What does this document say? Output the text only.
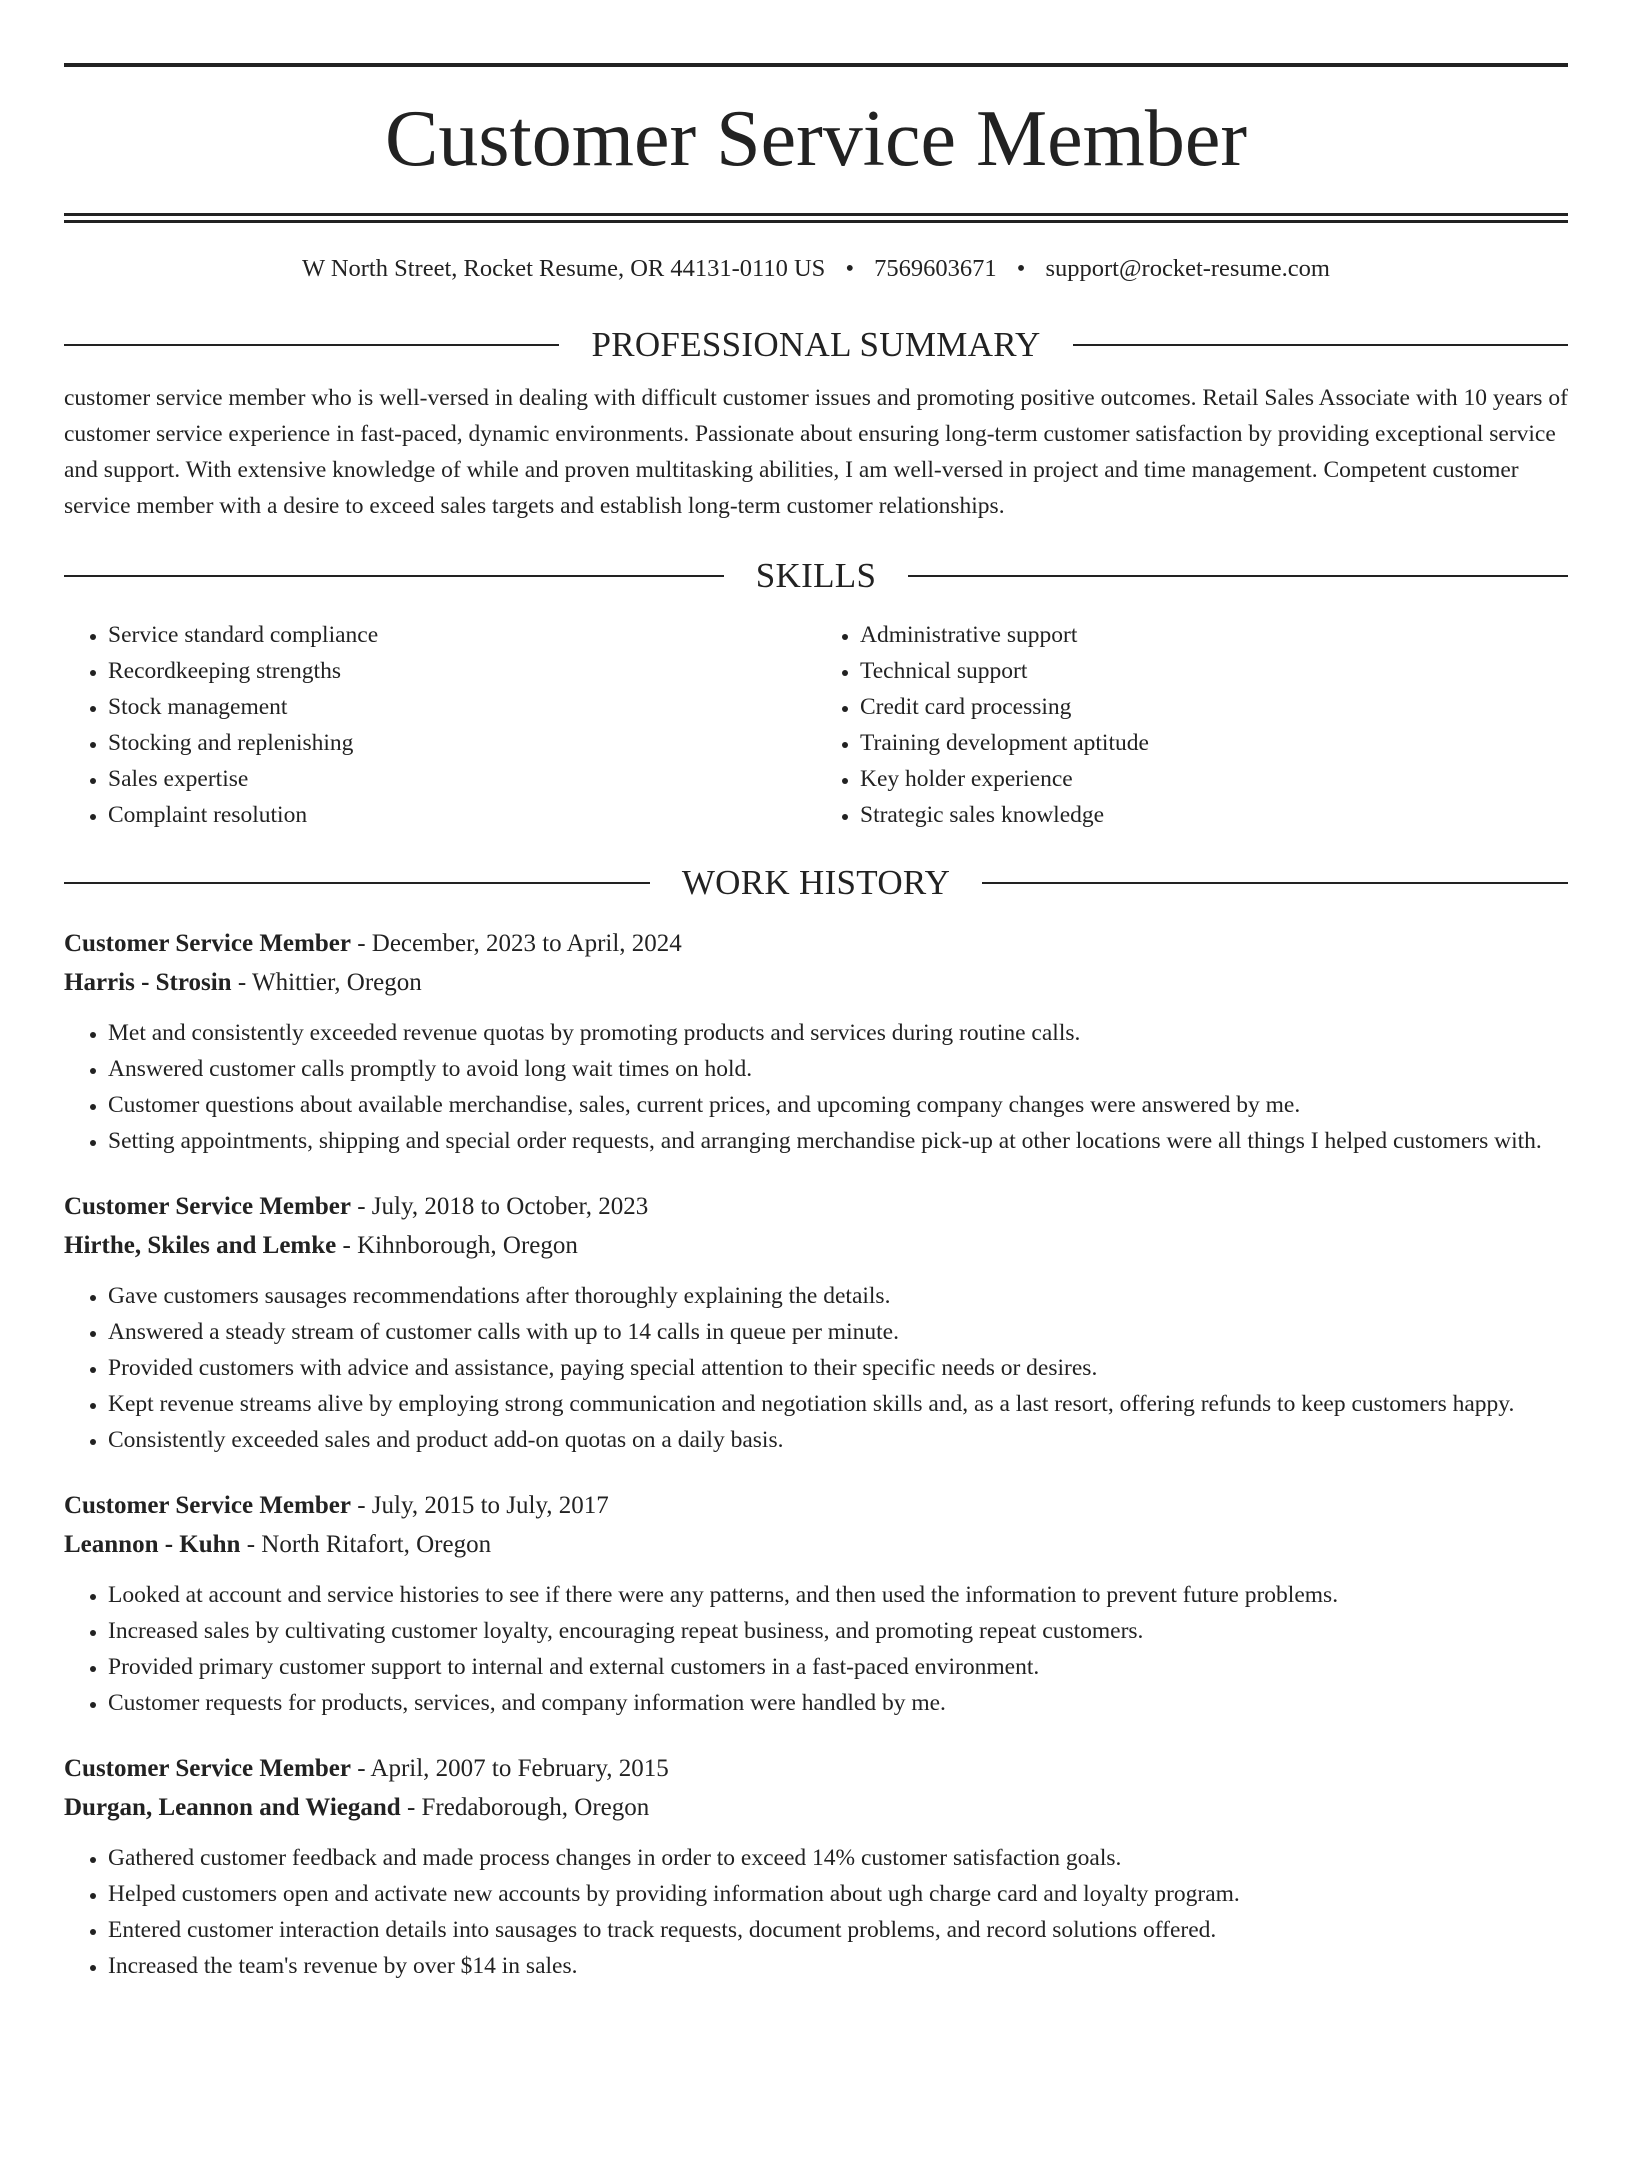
Customer Service Member
W North Street, Rocket Resume, OR 44131-0110 US • 7569603671 • support@rocket-resume.com
PROFESSIONAL SUMMARY

customer service member who is well-versed in dealing with difficult customer issues and promoting positive outcomes. Retail Sales Associate with 10 years of customer service experience in fast-paced, dynamic environments. Passionate about ensuring long-term customer satisfaction by providing exceptional service and support. With extensive knowledge of while and proven multitasking abilities, I am well-versed in project and time management. Competent customer service member with a desire to exceed sales targets and establish long-term customer relationships.

SKILLS
• Service standard compliance
• Recordkeeping strengths
• Stock management
• Stocking and replenishing
• Sales expertise
• Complaint resolution
• Administrative support
• Technical support
• Credit card processing
• Training development aptitude
• Key holder experience
• Strategic sales knowledge
WORK HISTORY
Customer Service Member - December, 2023 to April, 2024
Harris - Strosin - Whittier, Oregon
• Met and consistently exceeded revenue quotas by promoting products and services during routine calls.
• Answered customer calls promptly to avoid long wait times on hold.
• Customer questions about available merchandise, sales, current prices, and upcoming company changes were answered by me.
• Setting appointments, shipping and special order requests, and arranging merchandise pick-up at other locations were all things I helped customers with.
Customer Service Member - July, 2018 to October, 2023
Hirthe, Skiles and Lemke - Kihnborough, Oregon
• Gave customers sausages recommendations after thoroughly explaining the details.
• Answered a steady stream of customer calls with up to 14 calls in queue per minute.
• Provided customers with advice and assistance, paying special attention to their specific needs or desires.
• Kept revenue streams alive by employing strong communication and negotiation skills and, as a last resort, offering refunds to keep customers happy.
• Consistently exceeded sales and product add-on quotas on a daily basis.
Customer Service Member - July, 2015 to July, 2017
Leannon - Kuhn - North Ritafort, Oregon
• Looked at account and service histories to see if there were any patterns, and then used the information to prevent future problems.
• Increased sales by cultivating customer loyalty, encouraging repeat business, and promoting repeat customers.
• Provided primary customer support to internal and external customers in a fast-paced environment.
• Customer requests for products, services, and company information were handled by me.
Customer Service Member - April, 2007 to February, 2015
Durgan, Leannon and Wiegand - Fredaborough, Oregon
• Gathered customer feedback and made process changes in order to exceed 14% customer satisfaction goals.
• Helped customers open and activate new accounts by providing information about ugh charge card and loyalty program.
• Entered customer interaction details into sausages to track requests, document problems, and record solutions offered.
• Increased the team's revenue by over $14 in sales.
